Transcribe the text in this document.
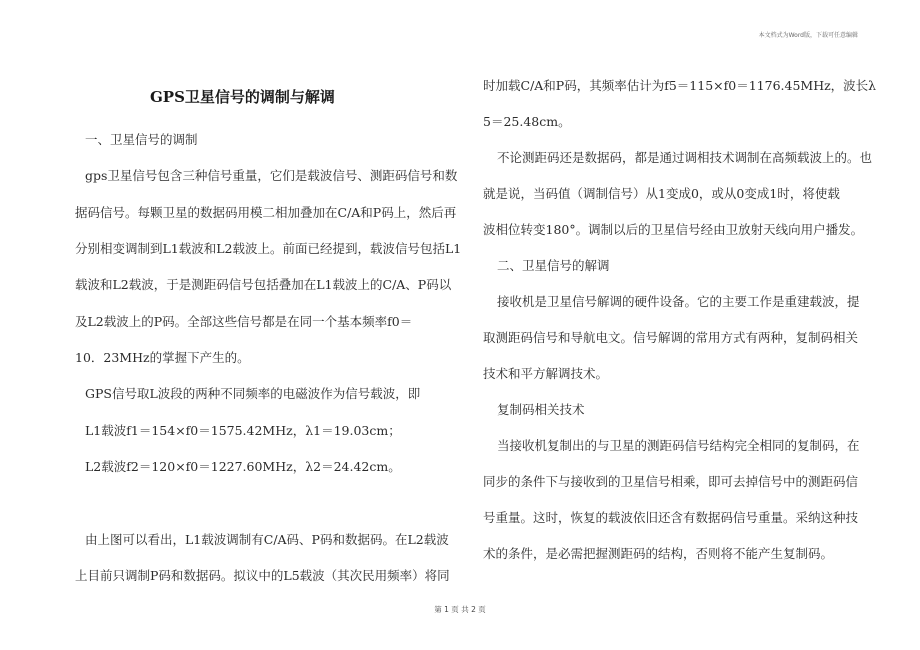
本文档式为Word版，下载可任意编辑
GPS卫星信号的调制与解调
一、卫星信号的调制
gps卫星信号包含三种信号重量，它们是载波信号、测距码信号和数
据码信号。每颗卫星的数据码用模二相加叠加在C/A和P码上，然后再
分别相变调制到L1载波和L2载波上。前面已经提到，载波信号包括L1
载波和L2载波，于是测距码信号包括叠加在L1载波上的C/A、P码以
及L2载波上的P码。全部这些信号都是在同一个基本频率f0＝
10．23MHz的掌握下产生的。
GPS信号取L波段的两种不同频率的电磁波作为信号载波，即
L1载波f1＝154×f0＝1575.42MHz，λ1＝19.03cm；
L2载波f2＝120×f0＝1227.60MHz，λ2＝24.42cm。
由上图可以看出，L1载波调制有C/A码、P码和数据码。在L2载波
上目前只调制P码和数据码。拟议中的L5载波（其次民用频率）将同
时加载C/A和P码，其频率估计为f5＝115×f0＝1176.45MHz，波长λ
5＝25.48cm。
不论测距码还是数据码，都是通过调相技术调制在高频载波上的。也
就是说，当码值（调制信号）从1变成0，或从0变成1时，将使载
波相位转变180°。调制以后的卫星信号经由卫放射天线向用户播发。
二、卫星信号的解调
接收机是卫星信号解调的硬件设备。它的主要工作是重建载波，提
取测距码信号和导航电文。信号解调的常用方式有两种，复制码相关
技术和平方解调技术。
复制码相关技术
当接收机复制出的与卫星的测距码信号结构完全相同的复制码，在
同步的条件下与接收到的卫星信号相乘，即可去掉信号中的测距码信
号重量。这时，恢复的载波依旧还含有数据码信号重量。采纳这种技
术的条件，是必需把握测距码的结构，否则将不能产生复制码。
第 1 页 共 2 页
